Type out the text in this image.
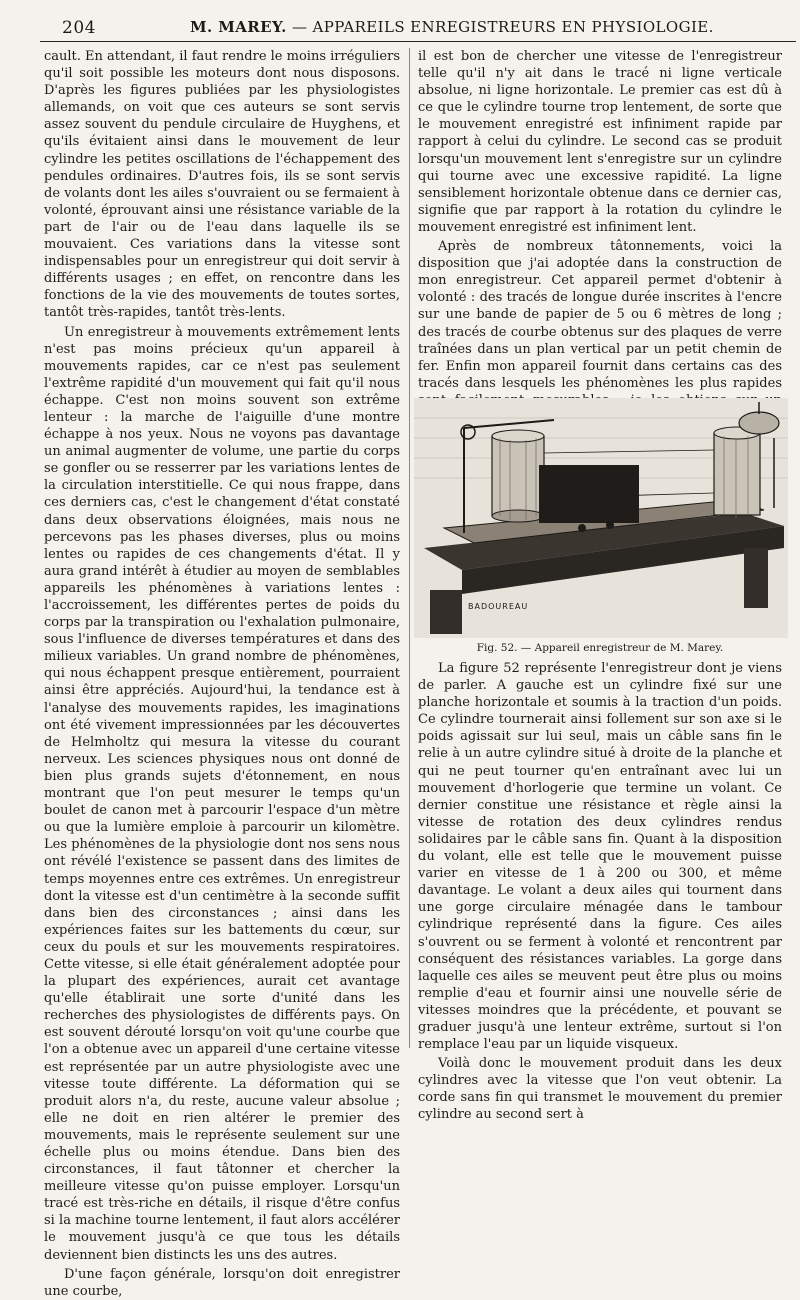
204	M. MAREY. — APPAREILS ENREGISTREURS EN PHYSIOLOGIE.

cault. En attendant, il faut rendre le moins irréguliers qu'il soit possible les moteurs dont nous disposons. D'après les figures publiées par les physiologistes allemands, on voit que ces auteurs se sont servis assez souvent du pendule circulaire de Huyghens, et qu'ils évitaient ainsi dans le mouvement de leur cylindre les petites oscillations de l'échappement des pendules ordinaires. D'autres fois, ils se sont servis de volants dont les ailes s'ouvraient ou se fermaient à volonté, éprouvant ainsi une résistance variable de la part de l'air ou de l'eau dans laquelle ils se mouvaient. Ces variations dans la vitesse sont indispensables pour un enregistreur qui doit servir à différents usages ; en effet, on rencontre dans les fonctions de la vie des mouvements de toutes sortes, tantôt très-rapides, tantôt très-lents.

Un enregistreur à mouvements extrêmement lents n'est pas moins précieux qu'un appareil à mouvements rapides, car ce n'est pas seulement l'extrême rapidité d'un mouvement qui fait qu'il nous échappe. C'est non moins souvent son extrême lenteur : la marche de l'aiguille d'une montre échappe à nos yeux. Nous ne voyons pas davantage un animal augmenter de volume, une partie du corps se gonfler ou se resserrer par les variations lentes de la circulation interstitielle. Ce qui nous frappe, dans ces derniers cas, c'est le changement d'état constaté dans deux observations éloignées, mais nous ne percevons pas les phases diverses, plus ou moins lentes ou rapides de ces changements d'état. Il y aura grand intérêt à étudier au moyen de semblables appareils les phénomènes à variations lentes : l'accroissement, les différentes pertes de poids du corps par la transpiration ou l'exhalation pulmonaire, sous l'influence de diverses températures et dans des milieux variables. Un grand nombre de phénomènes, qui nous échappent presque entièrement, pourraient ainsi être appréciés. Aujourd'hui, la tendance est à l'analyse des mouvements rapides, les imaginations ont été vivement impressionnées par les découvertes de Helmholtz qui mesura la vitesse du courant nerveux. Les sciences physiques nous ont donné de bien plus grands sujets d'étonnement, en nous montrant que l'on peut mesurer le temps qu'un boulet de canon met à parcourir l'espace d'un mètre ou que la lumière emploie à parcourir un kilomètre. Les phénomènes de la physiologie dont nos sens nous ont révélé l'existence se passent dans des limites de temps moyennes entre ces extrêmes. Un enregistreur dont la vitesse est d'un centimètre à la seconde suffit dans bien des circonstances ; ainsi dans les expériences faites sur les battements du cœur, sur ceux du pouls et sur les mouvements respiratoires. Cette vitesse, si elle était généralement adoptée pour la plupart des expériences, aurait cet avantage qu'elle établirait une sorte d'unité dans les recherches des physiologistes de différents pays. On est souvent dérouté lorsqu'on voit qu'une courbe que l'on a obtenue avec un appareil d'une certaine vitesse est représentée par un autre physiologiste avec une vitesse toute différente. La déformation qui se produit alors n'a, du reste, aucune valeur absolue ; elle ne doit en rien altérer le premier des mouvements, mais le représente seulement sur une échelle plus ou moins étendue. Dans bien des circonstances, il faut tâtonner et chercher la meilleure vitesse qu'on puisse employer. Lorsqu'un tracé est très-riche en détails, il risque d'être confus si la machine tourne lentement, il faut alors accélérer le mouvement jusqu'à ce que tous les détails deviennent bien distincts les uns des autres.

D'une façon générale, lorsqu'on doit enregistrer une courbe,

il est bon de chercher une vitesse de l'enregistreur telle qu'il n'y ait dans le tracé ni ligne verticale absolue, ni ligne horizontale. Le premier cas est dû à ce que le cylindre tourne trop lentement, de sorte que le mouvement enregistré est infiniment rapide par rapport à celui du cylindre. Le second cas se produit lorsqu'un mouvement lent s'enregistre sur un cylindre qui tourne avec une excessive rapidité. La ligne sensiblement horizontale obtenue dans ce dernier cas, signifie que par rapport à la rotation du cylindre le mouvement enregistré est infiniment lent.

Après de nombreux tâtonnements, voici la disposition que j'ai adoptée dans la construction de mon enregistreur. Cet appareil permet d'obtenir à volonté : des tracés de longue durée inscrites à l'encre sur une bande de papier de 5 ou 6 mètres de long ; des tracés de courbe obtenus sur des plaques de verre traînées dans un plan vertical par un petit chemin de fer. Enfin mon appareil fournit dans certains cas des tracés dans lesquels les phénomènes les plus rapides

BADOUREAU
Fig. 52. — Appareil enregistreur de M. Marey.

La figure 52 représente l'enregistreur dont je viens de parler. A gauche est un cylindre fixé sur une planche horizontale et soumis à la traction d'un poids. Ce cylindre tournerait ainsi follement sur son axe si le poids agissait sur lui seul, mais un câble sans fin le relie à un autre cylindre situé à droite de la planche et qui ne peut tourner qu'en entraînant avec lui un mouvement d'horlogerie que termine un volant. Ce dernier constitue une résistance et règle ainsi la vitesse de rotation des deux cylindres rendus solidaires par le câble sans fin. Quant à la disposition du volant, elle est telle que le mouvement puisse varier en vitesse de 1 à 200 ou 300, et même davantage. Le volant a deux ailes qui tournent dans une gorge circulaire ménagée dans le tambour cylindrique représenté dans la figure. Ces ailes s'ouvrent ou se ferment à volonté et rencontrent par conséquent des résistances variables. La gorge dans laquelle ces ailes se meuvent peut être plus ou moins remplie d'eau et fournir ainsi une nouvelle série de vitesses moindres que la précédente, et pouvant se graduer jusqu'à une lenteur extrême, surtout si l'on remplace l'eau par un liquide visqueux.

Voilà donc le mouvement produit dans les deux cylindres avec la vitesse que l'on veut obtenir. La corde sans fin qui transmet le mouvement du premier cylindre au second sert à
